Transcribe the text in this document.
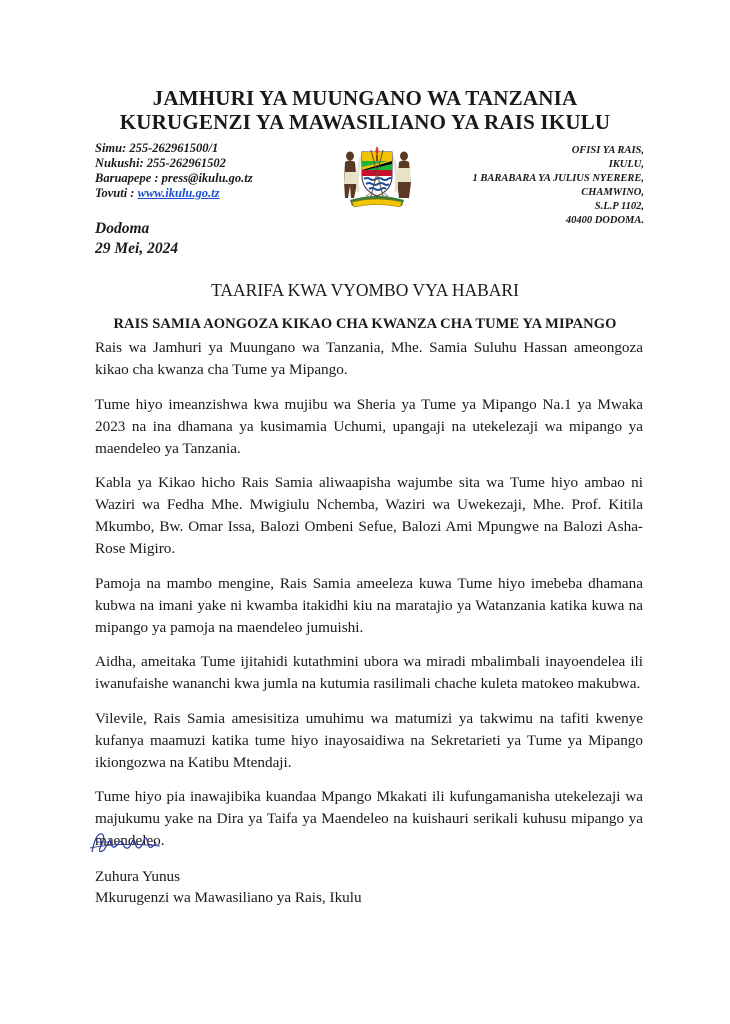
JAMHURI YA MUUNGANO WA TANZANIA
KURUGENZI YA MAWASILIANO YA RAIS IKULU
Simu: 255-262961500/1
Nukushi: 255-262961502
Baruapepe : press@ikulu.go.tz
Tovuti : www.ikulu.go.tz
OFISI YA RAIS,
IKULU,
1 BARABARA YA JULIUS NYERERE,
CHAMWINO,
S.L.P 1102,
40400 DODOMA.
Dodoma
29 Mei, 2024
TAARIFA KWA VYOMBO VYA HABARI
RAIS SAMIA AONGOZA KIKAO CHA KWANZA CHA TUME YA MIPANGO

Rais wa Jamhuri ya Muungano wa Tanzania, Mhe. Samia Suluhu Hassan ameongoza kikao cha kwanza cha Tume ya Mipango.

Tume hiyo imeanzishwa kwa mujibu wa Sheria ya Tume ya Mipango Na.1 ya Mwaka 2023 na ina dhamana ya kusimamia Uchumi, upangaji na utekelezaji wa mipango ya maendeleo ya Tanzania.

Kabla ya Kikao hicho Rais Samia aliwaapisha wajumbe sita wa Tume hiyo ambao ni Waziri wa Fedha Mhe. Mwigiulu Nchemba, Waziri wa Uwekezaji, Mhe. Prof. Kitila Mkumbo, Bw. Omar Issa, Balozi Ombeni Sefue, Balozi Ami Mpungwe na Balozi Asha-Rose Migiro.

Pamoja na mambo mengine, Rais Samia ameeleza kuwa Tume hiyo imebeba dhamana kubwa na imani yake ni kwamba itakidhi kiu na maratajio ya Watanzania katika kuwa na mipango ya pamoja na maendeleo jumuishi.

Aidha, ameitaka Tume ijitahidi kutathmini ubora wa miradi mbalimbali inayoendelea ili iwanufaishe wananchi kwa jumla na kutumia rasilimali chache kuleta matokeo makubwa.

Vilevile, Rais Samia amesisitiza umuhimu wa matumizi ya takwimu na tafiti kwenye kufanya maamuzi katika tume hiyo inayosaidiwa na Sekretarieti ya Tume ya Mipango ikiongozwa na Katibu Mtendaji.

Tume hiyo pia inawajibika kuandaa Mpango Mkakati ili kufungamanisha utekelezaji wa majukumu yake na Dira ya Taifa ya Maendeleo na kuishauri serikali kuhusu mipango ya maendeleo.

Zuhura Yunus
Mkurugenzi wa Mawasiliano ya Rais, Ikulu
